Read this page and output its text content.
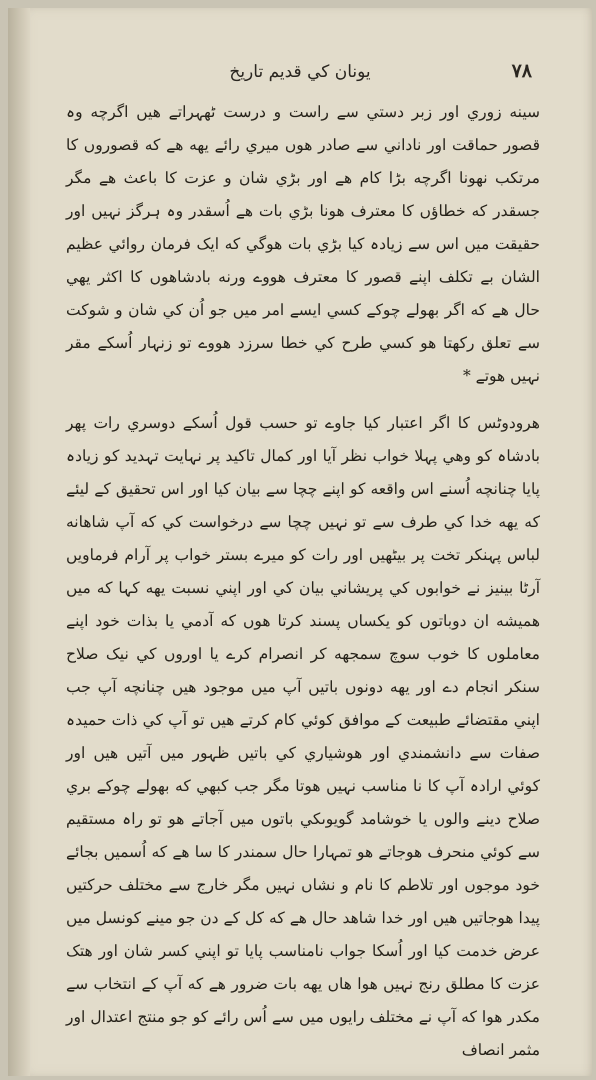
٧٨
یونان کي قديم تاريخ

سينه زوري اور زبر دستي سے راست و درست ٹھہراتے ھيں اگرچه وہ قصور حماقت اور ناداني سے صادر ھوں ميري رائے يهه ھے که قصوروں کا مرتکب نهونا اگرچه بڑا کام ھے اور بڑي شان و عزت کا باعث ھے مگر جسقدر که خطاؤں کا معترف ھونا بڑي بات ھے اُسقدر وہ ہرگز نہيں اور حقيقت ميں اس سے زيادہ کيا بڑي بات ھوگي که ايک فرمان روائي عظيم الشان بے تکلف اپنے قصور کا معترف ھووے ورنه بادشاھوں کا اکثر يهي حال ھے که اگر بھولے چوکے کسي ايسے امر ميں جو اُن کي شان و شوکت سے تعلق رکھتا ھو کسي طرح کي خطا سرزد ھووے تو زنہار اُسکے مقر نہيں ھوتے *

ھرودوٹس کا اگر اعتبار کيا جاوے تو حسب قول اُسکے دوسري رات پھر بادشاہ کو وھي پہلا خواب نظر آيا اور کمال تاکيد پر نہايت تہديد کو زيادہ پايا چنانچه اُسنے اس واقعه کو اپنے چچا سے بيان کيا اور اس تحقيق کے ليئے که يهه خدا کي طرف سے تو نہيں چچا سے درخواست کي که آپ شاھانه لباس پہنکر تخت پر بيٹھيں اور رات کو ميرے بستر خواب پر آرام فرماويں آرٹا بينيز نے خوابوں کي پريشاني بيان کي اور اپني نسبت يهه کہا که ميں ھميشه ان دوباتوں کو يکساں پسند کرتا ھوں که آدمي يا بذات خود اپنے معاملوں کا خوب سوچ سمجهه کر انصرام کرے يا اوروں کي نيک صلاح سنکر انجام دے اور يهه دونوں باتيں آپ ميں موجود ھيں چنانچه آپ جب اپني مقتضائے طبيعت کے موافق کوئي کام کرتے ھيں تو آپ کي ذات حميدہ صفات سے دانشمندي اور ھوشياري کي باتيں ظہور ميں آتيں ھيں اور کوئي ارادہ آپ کا نا مناسب نہيں ھوتا مگر جب کبھي که بھولے چوکے بري صلاح دينے والوں يا خوشامد گويوںکي باتوں ميں آجاتے ھو تو راہ مستقيم سے کوئي منحرف ھوجاتے ھو تمہارا حال سمندر کا سا ھے که اُسميں بجائے خود موجوں اور تلاطم کا نام و نشاں نہيں مگر خارج سے مختلف حرکتيں پيدا ھوجاتيں ھيں اور خدا شاھد حال ھے که کل کے دن جو مينے کونسل ميں عرض خدمت کيا اور اُسکا جواب نامناسب پايا تو اپني کسر شان اور ھتک عزت کا مطلق رنج نہيں ھوا ھاں يهه بات ضرور ھے که آپ کے انتخاب سے مکدر ھوا که آپ نے مختلف رايوں ميں سے اُس رائے کو جو منتج اعتدال اور مثمر انصاف
